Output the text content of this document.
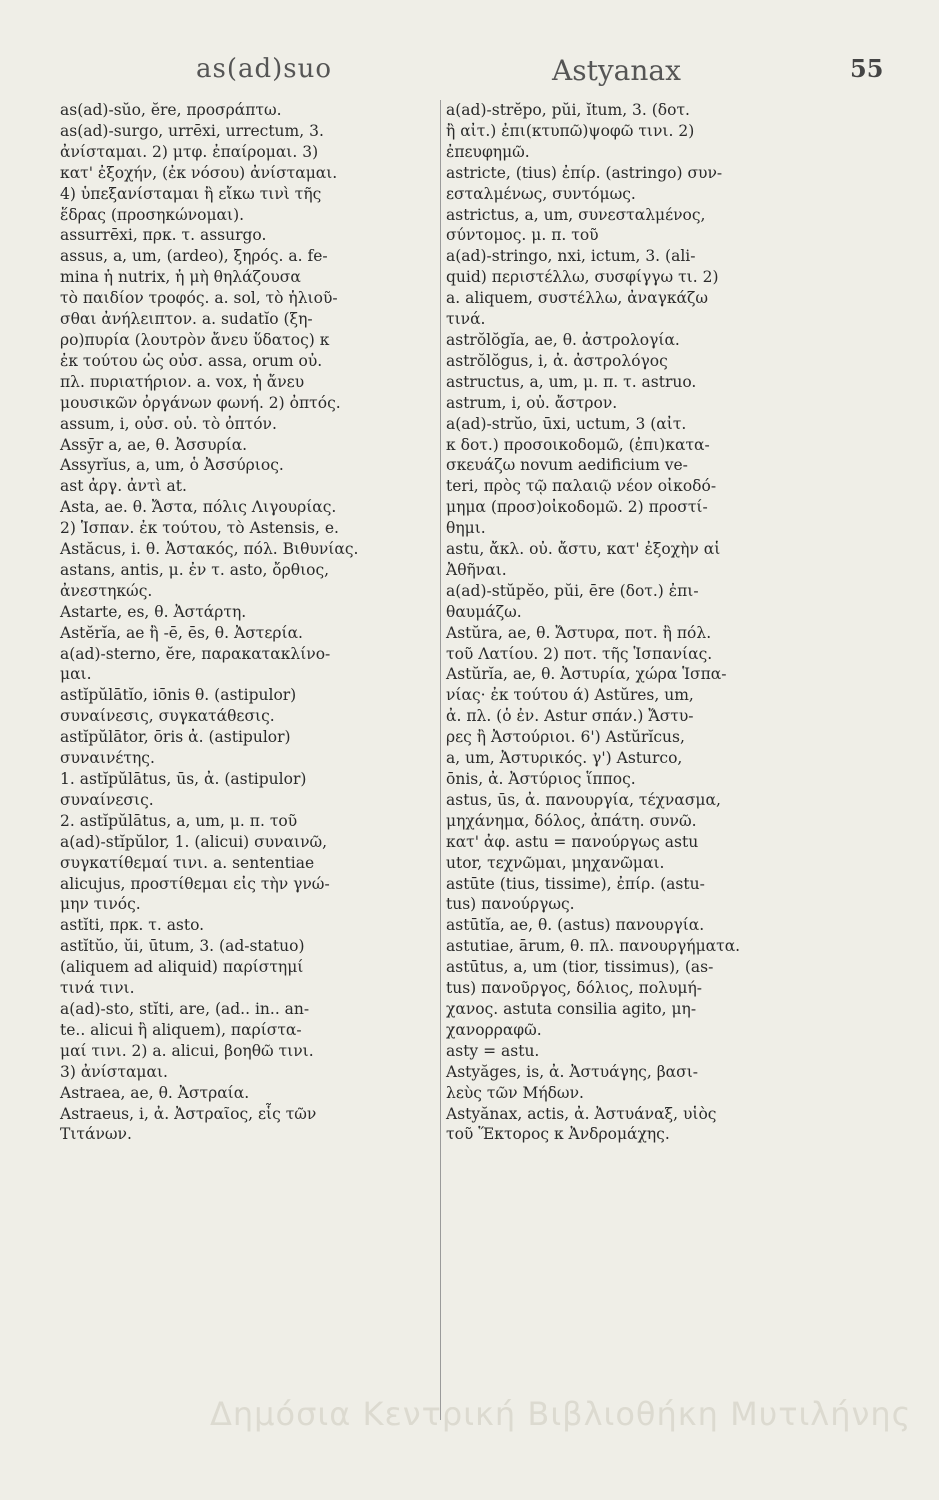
as(ad)suo	Astyanax	55
as(ad)-sŭo, ĕre, προσράπτω.
as(ad)-surgo, urrēxi, urrectum, 3.
ἀνίσταμαι. 2) μτφ. ἐπαίρομαι. 3)
κατ' ἐξοχήν, (ἐκ νόσου) ἀνίσταμαι.
4) ὑπεξανίσταμαι ἢ εἴκω τινὶ τῆς
ἕδρας (προσηκώνομαι).
assurrēxi, πρκ. τ. assurgo.
assus, a, um, (ardeo), ξηρός. a. fe-
mina ἡ nutrix, ἡ μὴ θηλάζουσα
τὸ παιδίον τροφός. a. sol, τὸ ἡλιοῦ-
σθαι ἀνήλειπτον. a. sudatĭo (ξη-
ρο)πυρία (λουτρὸν ἄνευ ὕδατος) κ
ἐκ τούτου ὡς οὐσ. assa, orum οὐ.
πλ. πυριατήριον. a. vox, ἡ ἄνευ
μουσικῶν ὀργάνων φωνή. 2) ὀπτός.
assum, i, οὐσ. οὐ. τὸ ὀπτόν.
Assȳr a, ae, θ. Ἀσσυρία.
Assyrĭus, a, um, ὁ Ἀσσύριος.
ast ἀργ. ἀντὶ at.
Asta, ae. θ. Ἄστα, πόλις Λιγουρίας.
2) Ἱσπαν. ἐκ τούτου, τὸ Astensis, e.
Astăcus, i. θ. Ἀστακός, πόλ. Βιθυνίας.
astans, antis, μ. ἐν τ. asto, ὄρθιος,
ἀνεστηκώς.
Astarte, es, θ. Ἀστάρτη.
Astĕrĭa, ae ἢ -ē, ēs, θ. Ἀστερία.
a(ad)-sterno, ĕre, παρακατακλίνο-
μαι.
astĭpŭlātĭo, iōnis θ. (astipulor)
συναίνεσις, συγκατάθεσις.
astĭpŭlātor, ōris ἀ. (astipulor)
συναινέτης.
1. astĭpŭlātus, ūs, ἀ. (astipulor)
συναίνεσις.
2. astĭpŭlātus, a, um, μ. π. τοῦ
a(ad)-stĭpŭlor, 1. (alicui) συναινῶ,
συγκατίθεμαί τινι. a. sententiae
alicujus, προστίθεμαι εἰς τὴν γνώ-
μην τινός.
astĭti, πρκ. τ. asto.
astĭtŭo, ŭi, ūtum, 3. (ad-statuo)
(aliquem ad aliquid) παρίστημί
τινά τινι.
a(ad)-sto, stĭti, are, (ad.. in.. an-
te.. alicui ἢ aliquem), παρίστα-
μαί τινι. 2) a. alicui, βοηθῶ τινι.
3) ἀνίσταμαι.
Astraea, ae, θ. Ἀστραία.
Astraeus, i, ἀ. Ἀστραῖος, εἷς τῶν
Τιτάνων.
a(ad)-strĕpo, pŭi, ĭtum, 3. (δοτ.
ἢ αἰτ.) ἐπι(κτυπῶ)ψοφῶ τινι. 2)
ἐπευφημῶ.
astricte, (tius) ἐπίρ. (astringo) συν-
εσταλμένως, συντόμως.
astrictus, a, um, συνεσταλμένος,
σύντομος. μ. π. τοῦ
a(ad)-stringo, nxi, ictum, 3. (ali-
quid) περιστέλλω, συσφίγγω τι. 2)
a. aliquem, συστέλλω, ἀναγκάζω
τινά.
astrŏlŏgĭa, ae, θ. ἀστρολογία.
astrŏlŏgus, i, ἀ. ἀστρολόγος
astructus, a, um, μ. π. τ. astruo.
astrum, i, οὐ. ἄστρον.
a(ad)-strŭo, ūxi, uctum, 3 (αἰτ.
κ δοτ.) προσοικοδομῶ, (ἐπι)κατα-
σκευάζω novum aedificium ve-
teri, πρὸς τῷ παλαιῷ νέον οἰκοδό-
μημα (προσ)οἰκοδομῶ. 2) προστί-
θημι.
astu, ἄκλ. οὐ. ἄστυ, κατ' ἐξοχὴν αἱ
Ἀθῆναι.
a(ad)-stŭpĕo, pŭi, ēre (δοτ.) ἐπι-
θαυμάζω.
Astŭra, ae, θ. Ἄστυρα, ποτ. ἢ πόλ.
τοῦ Λατίου. 2) ποτ. τῆς Ἱσπανίας.
Astŭrĭa, ae, θ. Ἀστυρία, χώρα Ἱσπα-
νίας· ἐκ τούτου ά) Astŭres, um,
ἀ. πλ. (ὁ ἐν. Astur σπάν.) Ἄστυ-
ρες ἢ Ἀστούριοι. 6') Astŭrĭcus,
a, um, Ἀστυρικός. γ') Asturco,
ōnis, ἀ. Ἀστύριος ἵππος.
astus, ūs, ἀ. πανουργία, τέχνασμα,
μηχάνημα, δόλος, ἀπάτη. συνῶ.
κατ' ἀφ. astu = πανούργως astu
utor, τεχνῶμαι, μηχανῶμαι.
astūte (tius, tissime), ἐπίρ. (astu-
tus) πανούργως.
astūtĭa, ae, θ. (astus) πανουργία.
astutiae, ārum, θ. πλ. πανουργήματα.
astūtus, a, um (tior, tissimus), (as-
tus) πανοῦργος, δόλιος, πολυμή-
χανος. astuta consilia agito, μη-
χανορραφῶ.
asty = astu.
Astyăges, is, ἀ. Ἀστυάγης, βασι-
λεὺς τῶν Μήδων.
Astyănax, actis, ἀ. Ἀστυάναξ, υἱὸς
τοῦ Ἕκτορος κ Ἀνδρομάχης.
Δημόσια Κεντρική Βιβλιοθήκη Μυτιλήνης
